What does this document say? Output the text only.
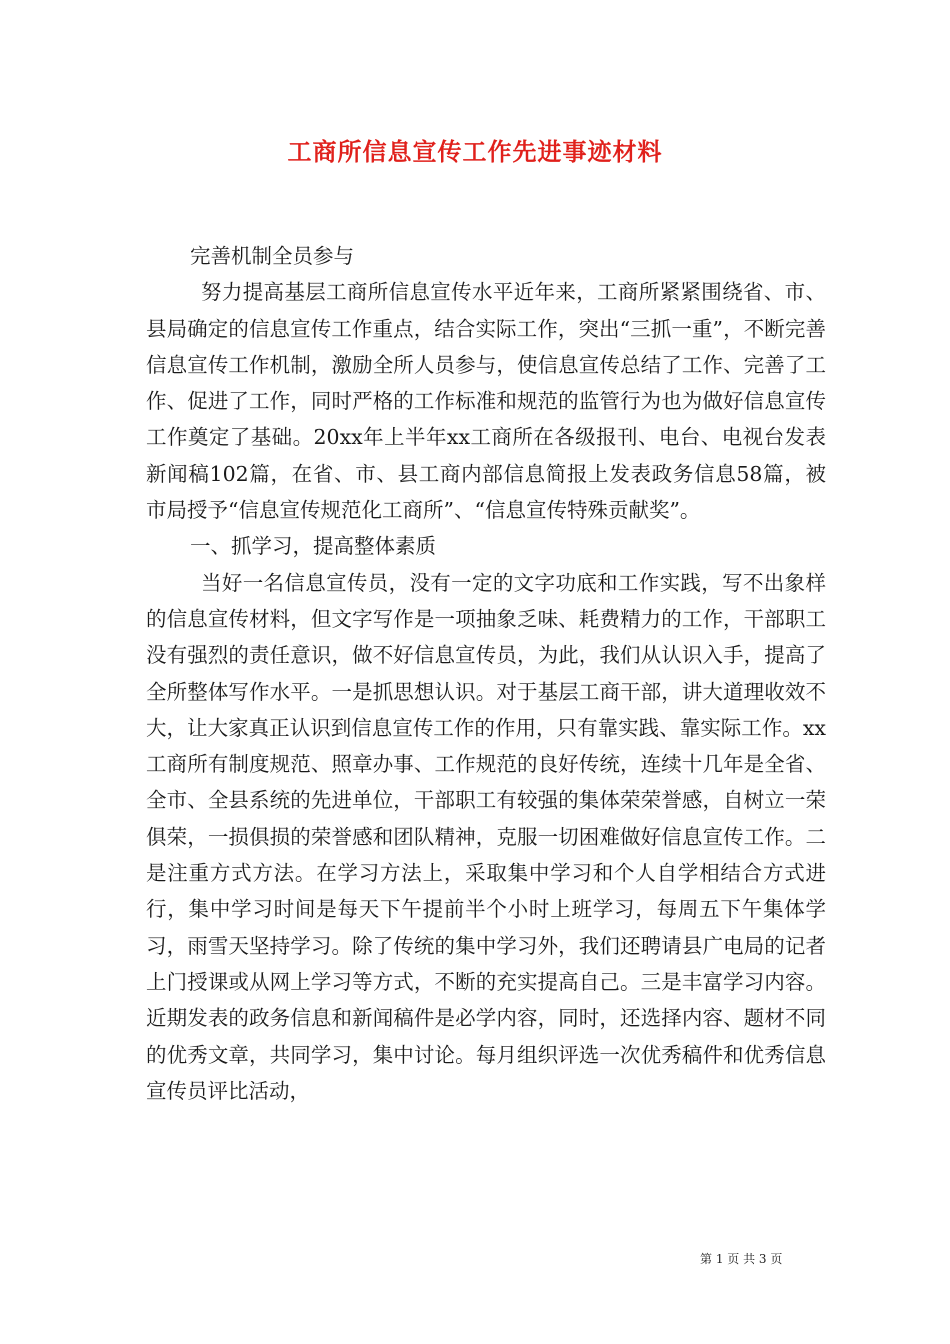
工商所信息宣传工作先进事迹材料

完善机制全员参与

努力提高基层工商所信息宣传水平近年来，工商所紧紧围绕省、市、县局确定的信息宣传工作重点，结合实际工作，突出“三抓一重”，不断完善信息宣传工作机制，激励全所人员参与，使信息宣传总结了工作、完善了工作、促进了工作，同时严格的工作标准和规范的监管行为也为做好信息宣传工作奠定了基础。20xx年上半年xx工商所在各级报刊、电台、电视台发表新闻稿102篇，在省、市、县工商内部信息简报上发表政务信息58篇，被市局授予“信息宣传规范化工商所”、“信息宣传特殊贡献奖”。

一、抓学习，提高整体素质

当好一名信息宣传员，没有一定的文字功底和工作实践，写不出象样的信息宣传材料，但文字写作是一项抽象乏味、耗费精力的工作，干部职工没有强烈的责任意识，做不好信息宣传员，为此，我们从认识入手，提高了全所整体写作水平。一是抓思想认识。对于基层工商干部，讲大道理收效不大，让大家真正认识到信息宣传工作的作用，只有靠实践、靠实际工作。xx工商所有制度规范、照章办事、工作规范的良好传统，连续十几年是全省、全市、全县系统的先进单位，干部职工有较强的集体荣荣誉感，自树立一荣俱荣，一损俱损的荣誉感和团队精神，克服一切困难做好信息宣传工作。二是注重方式方法。在学习方法上，采取集中学习和个人自学相结合方式进行，集中学习时间是每天下午提前半个小时上班学习，每周五下午集体学习，雨雪天坚持学习。除了传统的集中学习外，我们还聘请县广电局的记者上门授课或从网上学习等方式，不断的充实提高自己。三是丰富学习内容。近期发表的政务信息和新闻稿件是必学内容，同时，还选择内容、题材不同的优秀文章，共同学习，集中讨论。每月组织评选一次优秀稿件和优秀信息宣传员评比活动，

第 1 页 共 3 页
